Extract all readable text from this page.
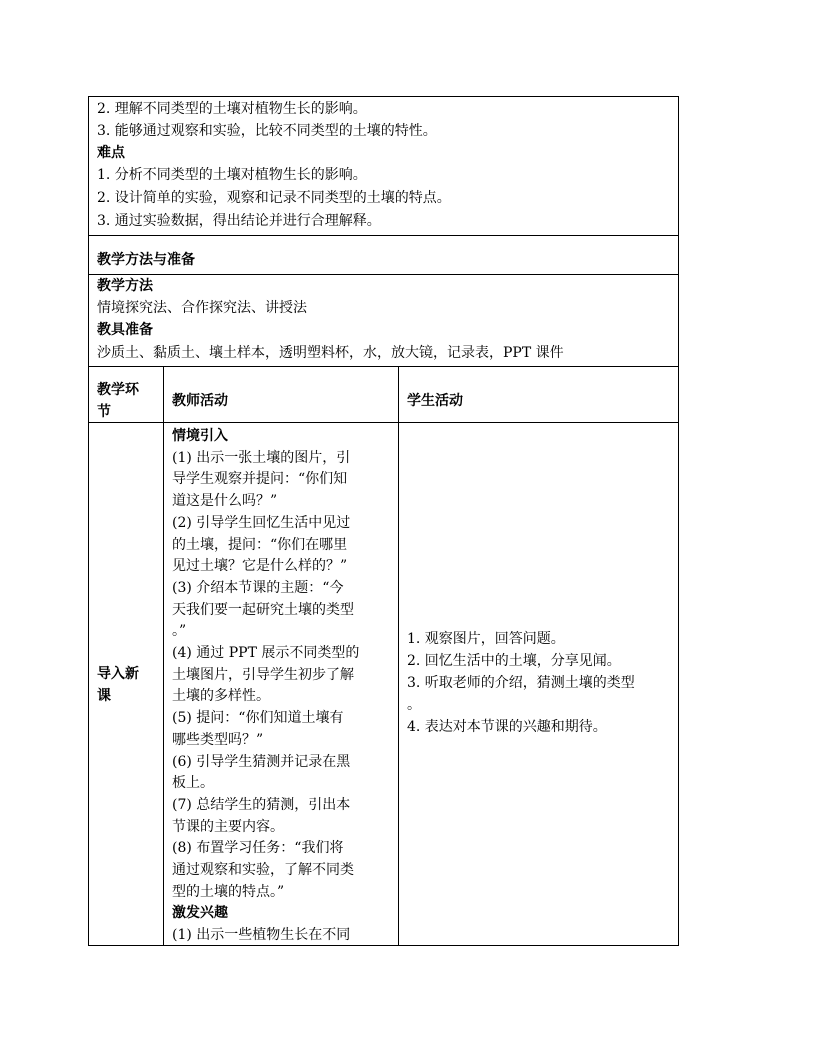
2. 理解不同类型的土壤对植物生长的影响。
3. 能够通过观察和实验，比较不同类型的土壤的特性。
难点
1. 分析不同类型的土壤对植物生长的影响。
2. 设计简单的实验，观察和记录不同类型的土壤的特点。
3. 通过实验数据，得出结论并进行合理解释。
教学方法与准备
教学方法
情境探究法、合作探究法、讲授法
教具准备
沙质土、黏质土、壤土样本，透明塑料杯，水，放大镜，记录表，PPT 课件
教学环
节
教师活动	学生活动
导入新
课
情境引入
(1) 出示一张土壤的图片，引
导学生观察并提问：“你们知
道这是什么吗？”
(2) 引导学生回忆生活中见过
的土壤，提问：“你们在哪里
见过土壤？它是什么样的？”
(3) 介绍本节课的主题：“今
天我们要一起研究土壤的类型
。”
(4) 通过 PPT 展示不同类型的
土壤图片，引导学生初步了解
土壤的多样性。
(5) 提问：“你们知道土壤有
哪些类型吗？”
(6) 引导学生猜测并记录在黑
板上。
(7) 总结学生的猜测，引出本
节课的主要内容。
(8) 布置学习任务：“我们将
通过观察和实验，了解不同类
型的土壤的特点。”
激发兴趣
(1) 出示一些植物生长在不同
1. 观察图片，回答问题。
2. 回忆生活中的土壤，分享见闻。
3. 听取老师的介绍，猜测土壤的类型
。
4. 表达对本节课的兴趣和期待。
